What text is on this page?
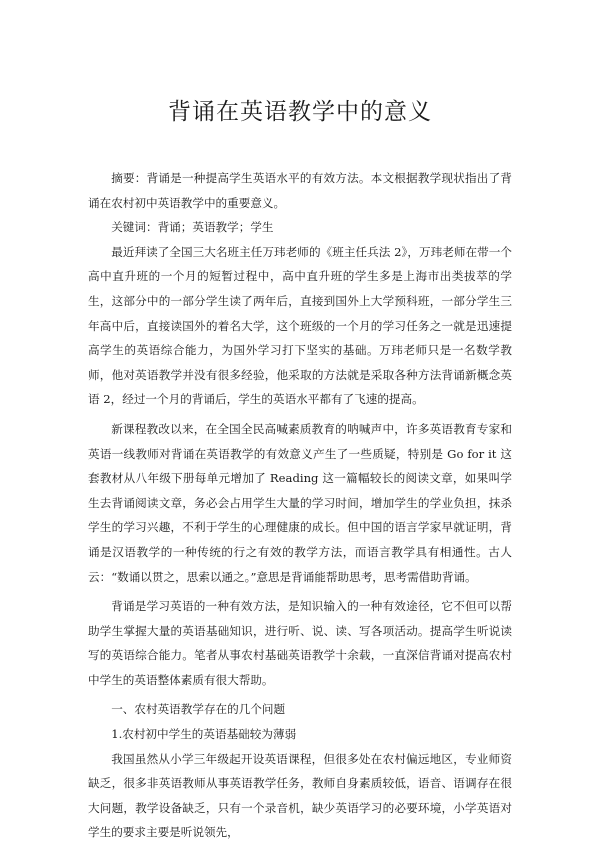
背诵在英语教学中的意义

摘要：背诵是一种提高学生英语水平的有效方法。本文根据教学现状指出了背诵在农村初中英语教学中的重要意义。

关键词：背诵；英语教学；学生

最近拜读了全国三大名班主任万玮老师的《班主任兵法 2》，万玮老师在带一个高中直升班的一个月的短暂过程中，高中直升班的学生多是上海市出类拔萃的学生，这部分中的一部分学生读了两年后，直接到国外上大学预科班，一部分学生三年高中后，直接读国外的着名大学，这个班级的一个月的学习任务之一就是迅速提高学生的英语综合能力，为国外学习打下坚实的基础。万玮老师只是一名数学教师，他对英语教学并没有很多经验，他采取的方法就是采取各种方法背诵新概念英语 2，经过一个月的背诵后，学生的英语水平都有了飞速的提高。

新课程教改以来，在全国全民高喊素质教育的呐喊声中，许多英语教育专家和英语一线教师对背诵在英语教学的有效意义产生了一些质疑，特别是 Go for it 这套教材从八年级下册每单元增加了 Reading 这一篇幅较长的阅读文章，如果叫学生去背诵阅读文章，务必会占用学生大量的学习时间，增加学生的学业负担，抹杀学生的学习兴趣，不利于学生的心理健康的成长。但中国的语言学家早就证明，背诵是汉语教学的一种传统的行之有效的教学方法，而语言教学具有相通性。古人云：“数诵以贯之，思索以通之。”意思是背诵能帮助思考，思考需借助背诵。

背诵是学习英语的一种有效方法，是知识输入的一种有效途径，它不但可以帮助学生掌握大量的英语基础知识，进行听、说、读、写各项活动。提高学生听说读写的英语综合能力。笔者从事农村基础英语教学十余载，一直深信背诵对提高农村中学生的英语整体素质有很大帮助。

一、农村英语教学存在的几个问题

1.农村初中学生的英语基础较为薄弱

我国虽然从小学三年级起开设英语课程，但很多处在农村偏远地区，专业师资缺乏，很多非英语教师从事英语教学任务，教师自身素质较低，语音、语调存在很大问题，教学设备缺乏，只有一个录音机，缺少英语学习的必要环境，小学英语对学生的要求主要是听说领先，
